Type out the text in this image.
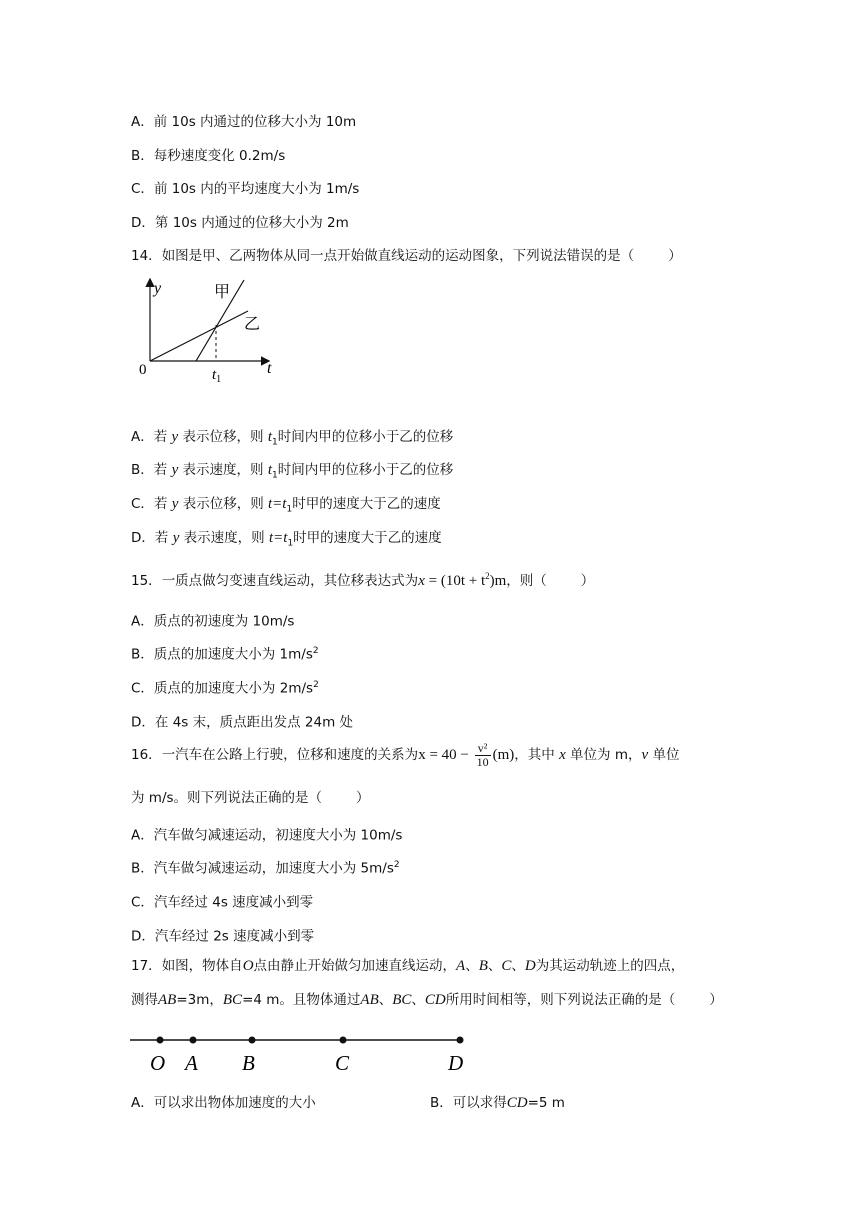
A．前 10s 内通过的位移大小为 10m
B．每秒速度变化 0.2m/s
C．前 10s 内的平均速度大小为 1m/s
D．第 10s 内通过的位移大小为 2m
14．如图是甲、乙两物体从同一点开始做直线运动的运动图象，下列说法错误的是（	）
y
t
0	$t_1$
甲
乙
A．若 y 表示位移，则 $t_1$时间内甲的位移小于乙的位移
B．若 y 表示速度，则 $t_1$时间内甲的位移小于乙的位移
C．若 y 表示位移，则 $t=t_1$时甲的速度大于乙的速度
D．若 y 表示速度，则 $t=t_1$时甲的速度大于乙的速度
15．一质点做匀变速直线运动，其位移表达式为$x = (10t + t^2)m$，则（	）
A．质点的初速度为 10m/s
B．质点的加速度大小为 $1m/s^2$
C．质点的加速度大小为 $2m/s^2$
D．在 4s 末，质点距出发点 24m 处
16．一汽车在公路上行驶，位移和速度的关系为$x = 40 - \frac{\text{v²}}{10} (m)$，其中 x 单位为 m，v 单位
为 m/s。则下列说法正确的是（	）
A．汽车做匀减速运动，初速度大小为 10m/s
B．汽车做匀减速运动，加速度大小为 $5m/s^2$
C．汽车经过 4s 速度减小到零
D．汽车经过 2s 速度减小到零
17．如图，物体自O点由静止开始做匀加速直线运动，A、B、C、D为其运动轨迹上的四点，
测得AB=3m，BC=4 m。且物体通过AB、BC、CD所用时间相等，则下列说法正确的是（	）
O A B	C	D
A．可以求出物体加速度的大小	B．可以求得CD=5 m
